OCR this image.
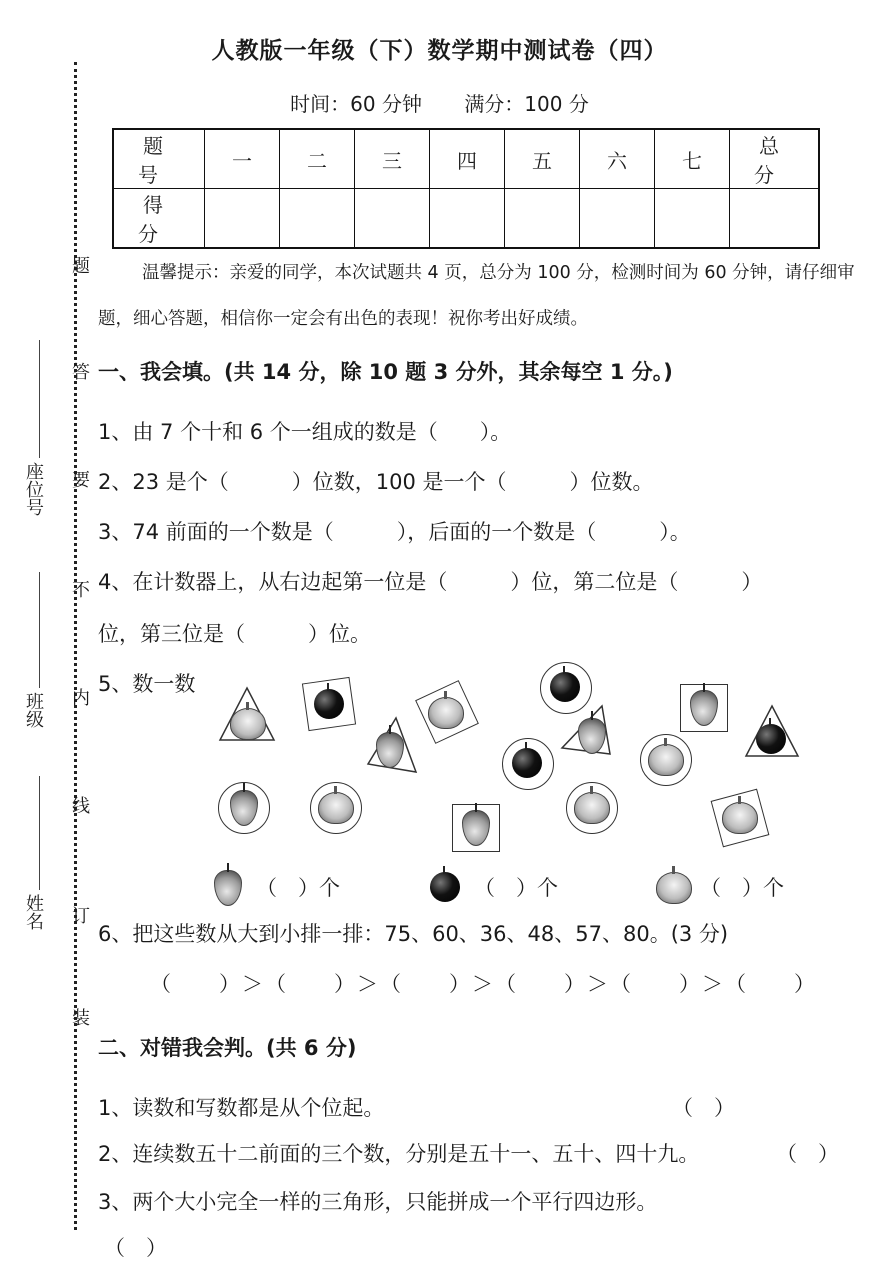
人教版一年级（下）数学期中测试卷（四）
时间：60 分钟 满分：100 分
题号	一	二	三	四	五	六	七	总分
得分								
温馨提示：亲爱的同学，本次试题共 4 页，总分为 100 分，检测时间为 60 分钟，请仔细审题，细心答题，相信你一定会有出色的表现！祝你考出好成绩。
题
答
要
不
内
线
订
装
座位号
班级
姓名
一、我会填。(共 14 分，除 10 题 3 分外，其余每空 1 分。)
1、由 7 个十和 6 个一组成的数是（　　）。
2、23 是个（　　　）位数，100 是一个（　　　）位数。
3、74 前面的一个数是（　　　），后面的一个数是（　　　）。
4、在计数器上，从右边起第一位是（　　　）位，第二位是（　　　）
位，第三位是（　　　）位。
5、数一数
（　）个	（　）个	（　）个
6、把这些数从大到小排一排：75、60、36、48、57、80。(3 分)
（　　）＞（　　）＞（　　）＞（　　）＞（　　）＞（　　）
二、对错我会判。(共 6 分)
1、读数和写数都是从个位起。	（　）
2、连续数五十二前面的三个数，分别是五十一、五十、四十九。	（　）
3、两个大小完全一样的三角形，只能拼成一个平行四边形。
（　）
